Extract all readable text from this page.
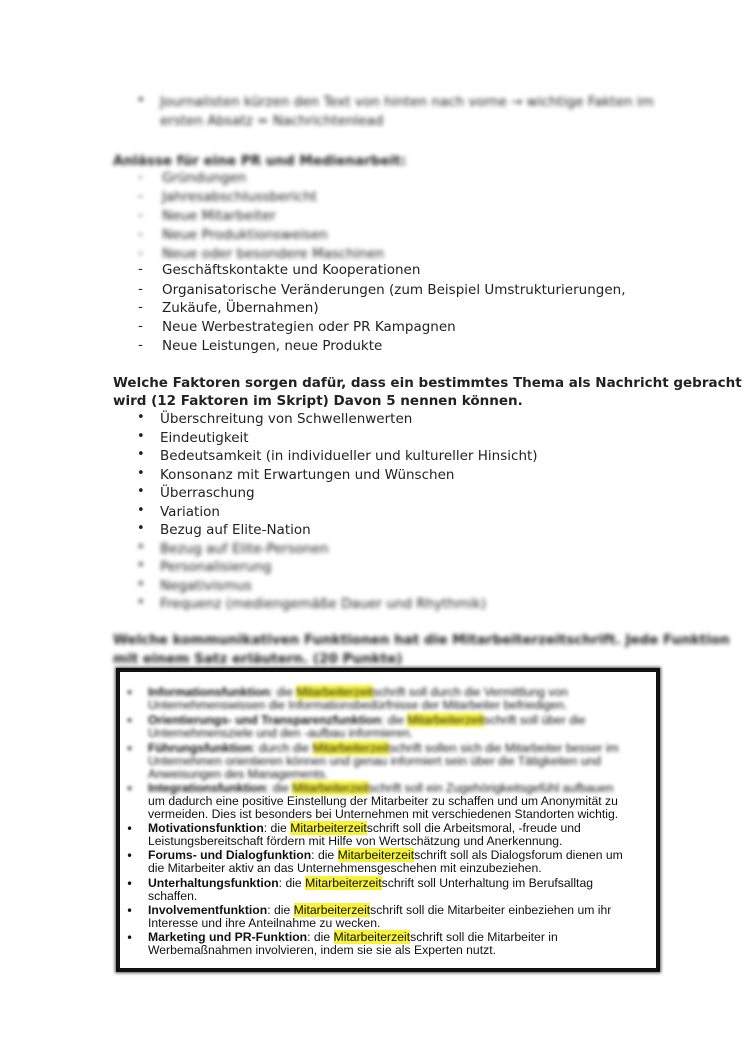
• Journalisten kürzen den Text von hinten nach vorne → wichtige Fakten im
ersten Absatz = Nachrichtenlead
Anlässe für eine PR und Medienarbeit:
- Gründungen
- Jahresabschlussbericht
- Neue Mitarbeiter
- Neue Produktionsweisen
- Neue oder besondere Maschinen
- Geschäftskontakte und Kooperationen
- Organisatorische Veränderungen (zum Beispiel Umstrukturierungen,
- Zukäufe, Übernahmen)
- Neue Werbestrategien oder PR Kampagnen
- Neue Leistungen, neue Produkte
Welche Faktoren sorgen dafür, dass ein bestimmtes Thema als Nachricht gebracht
wird (12 Faktoren im Skript) Davon 5 nennen können.
• Überschreitung von Schwellenwerten
• Eindeutigkeit
• Bedeutsamkeit (in individueller und kultureller Hinsicht)
• Konsonanz mit Erwartungen und Wünschen
• Überraschung
• Variation
• Bezug auf Elite-Nation
• Bezug auf Elite-Personen
• Personalisierung
• Negativismus
• Frequenz (mediengemäße Dauer und Rhythmik)
Welche kommunikativen Funktionen hat die Mitarbeiterzeitschrift. Jede Funktion
mit einem Satz erläutern. (20 Punkte)
• Informationsfunktion: die Mitarbeiterzeitschrift soll durch die Vermittlung von
Unternehmenswissen die Informationsbedürfnisse der Mitarbeiter befriedigen.
• Orientierungs- und Transparenzfunktion: die Mitarbeiterzeitschrift soll über die
Unternehmensziele und den -aufbau informieren.
• Führungsfunktion: durch die Mitarbeiterzeitschrift sollen sich die Mitarbeiter besser im
Unternehmen orientieren können und genau informiert sein über die Tätigkeiten und
Anweisungen des Managements.
• Integrationsfunktion: die Mitarbeiterzeitschrift soll ein Zugehörigkeitsgefühl aufbauen
um dadurch eine positive Einstellung der Mitarbeiter zu schaffen und um Anonymität zu
vermeiden. Dies ist besonders bei Unternehmen mit verschiedenen Standorten wichtig.
• Motivationsfunktion: die Mitarbeiterzeitschrift soll die Arbeitsmoral, -freude und
Leistungsbereitschaft fördern mit Hilfe von Wertschätzung und Anerkennung.
• Forums- und Dialogfunktion: die Mitarbeiterzeitschrift soll als Dialogsforum dienen um
die Mitarbeiter aktiv an das Unternehmensgeschehen mit einzubeziehen.
• Unterhaltungsfunktion: die Mitarbeiterzeitschrift soll Unterhaltung im Berufsalltag
schaffen.
• Involvementfunktion: die Mitarbeiterzeitschrift soll die Mitarbeiter einbeziehen um ihr
Interesse und ihre Anteilnahme zu wecken.
• Marketing und PR-Funktion: die Mitarbeiterzeitschrift soll die Mitarbeiter in
Werbemaßnahmen involvieren, indem sie sie als Experten nutzt.
